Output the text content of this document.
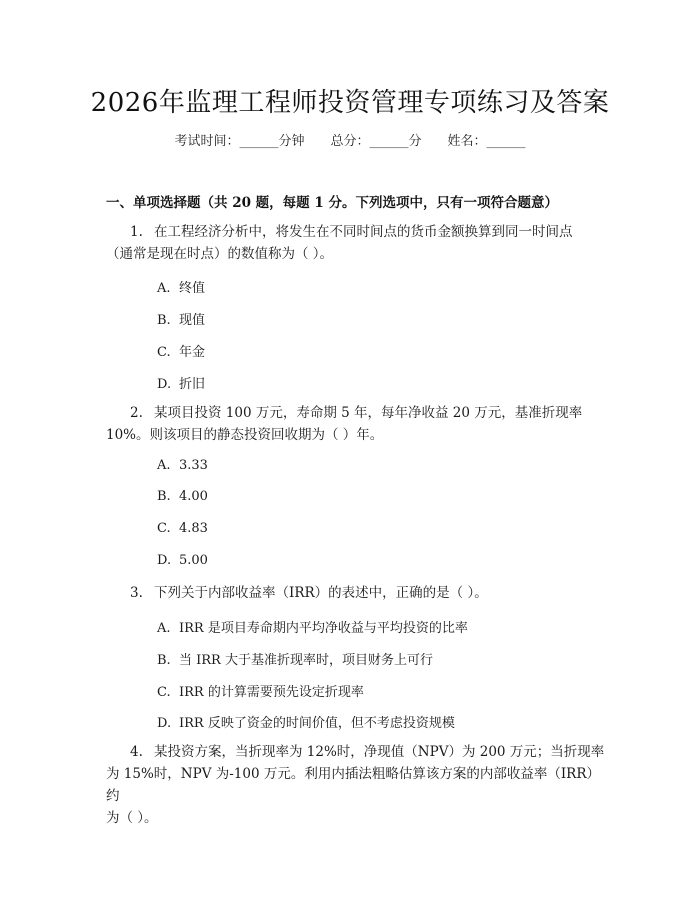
2026年监理工程师投资管理专项练习及答案
考试时间：______分钟 总分：______分 姓名：______
一、单项选择题（共 20 题，每题 1 分。下列选项中，只有一项符合题意）
1. 在工程经济分析中，将发生在不同时间点的货币金额换算到同一时间点
（通常是现在时点）的数值称为（ ）。
A. 终值
B. 现值
C. 年金
D. 折旧
2. 某项目投资 100 万元，寿命期 5 年，每年净收益 20 万元，基准折现率
10%。则该项目的静态投资回收期为（ ）年。
A. 3.33
B. 4.00
C. 4.83
D. 5.00
3. 下列关于内部收益率（IRR）的表述中，正确的是（ ）。
A. IRR 是项目寿命期内平均净收益与平均投资的比率
B. 当 IRR 大于基准折现率时，项目财务上可行
C. IRR 的计算需要预先设定折现率
D. IRR 反映了资金的时间价值，但不考虑投资规模
4. 某投资方案，当折现率为 12%时，净现值（NPV）为 200 万元；当折现率
为 15%时，NPV 为-100 万元。利用内插法粗略估算该方案的内部收益率（IRR）约
为（ ）。
